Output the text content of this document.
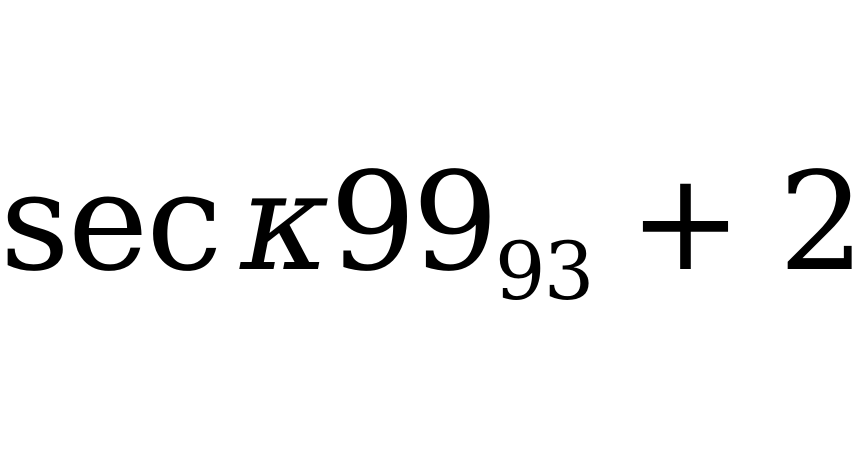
$\sec \kappa 99_{93} + 2$
